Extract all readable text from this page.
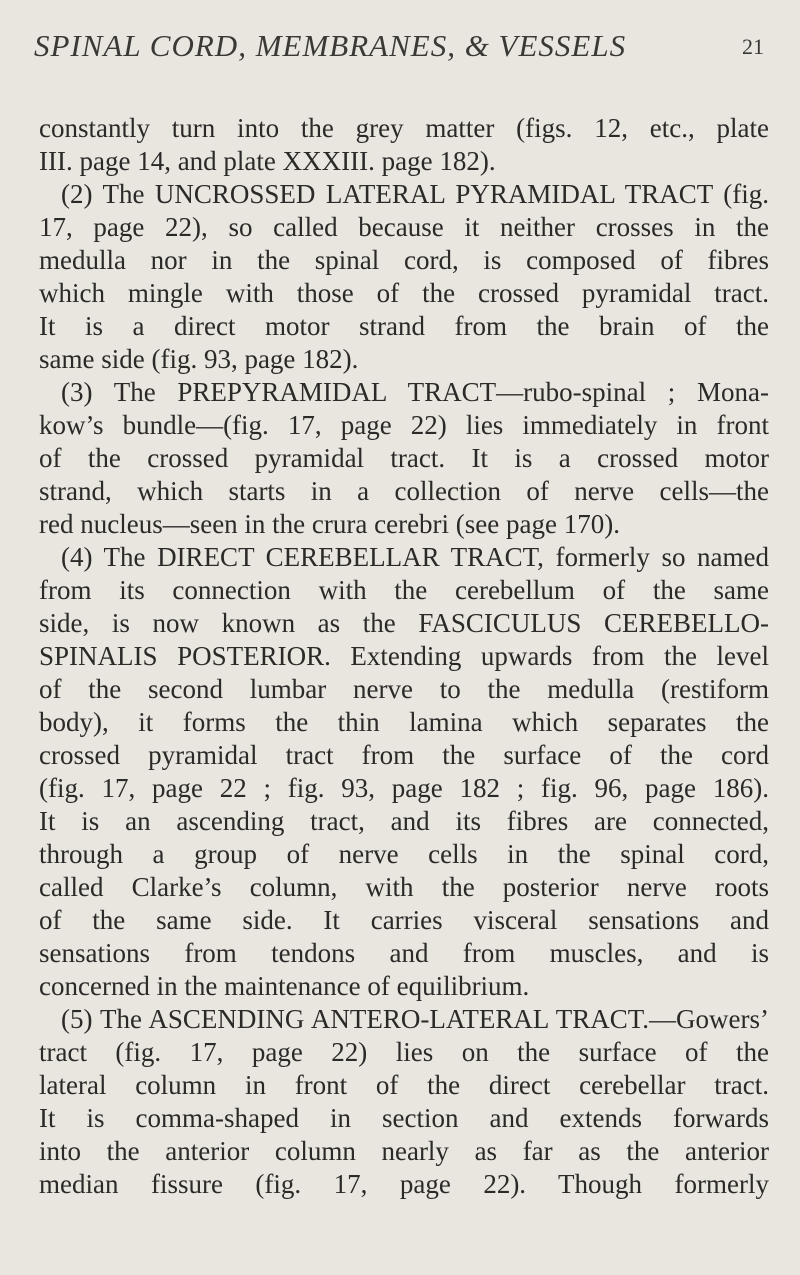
SPINAL CORD, MEMBRANES, & VESSELS	21
constantly turn into the grey matter (figs. 12, etc., plate
III. page 14, and plate XXXIII. page 182).
(2) The UNCROSSED LATERAL PYRAMIDAL TRACT (fig.
17, page 22), so called because it neither crosses in the
medulla nor in the spinal cord, is composed of fibres
which mingle with those of the crossed pyramidal tract.
It is a direct motor strand from the brain of the
same side (fig. 93, page 182).
(3) The PREPYRAMIDAL TRACT—rubo-spinal ; Mona-
kow’s bundle—(fig. 17, page 22) lies immediately in front
of the crossed pyramidal tract. It is a crossed motor
strand, which starts in a collection of nerve cells—the
red nucleus—seen in the crura cerebri (see page 170).
(4) The DIRECT CEREBELLAR TRACT, formerly so named
from its connection with the cerebellum of the same
side, is now known as the FASCICULUS CEREBELLO-
SPINALIS POSTERIOR. Extending upwards from the level
of the second lumbar nerve to the medulla (restiform
body), it forms the thin lamina which separates the
crossed pyramidal tract from the surface of the cord
(fig. 17, page 22 ; fig. 93, page 182 ; fig. 96, page 186).
It is an ascending tract, and its fibres are connected,
through a group of nerve cells in the spinal cord,
called Clarke’s column, with the posterior nerve roots
of the same side. It carries visceral sensations and
sensations from tendons and from muscles, and is
concerned in the maintenance of equilibrium.
(5) The ASCENDING ANTERO-LATERAL TRACT.—Gowers’
tract (fig. 17, page 22) lies on the surface of the
lateral column in front of the direct cerebellar tract.
It is comma-shaped in section and extends forwards
into the anterior column nearly as far as the anterior
median fissure (fig. 17, page 22). Though formerly
